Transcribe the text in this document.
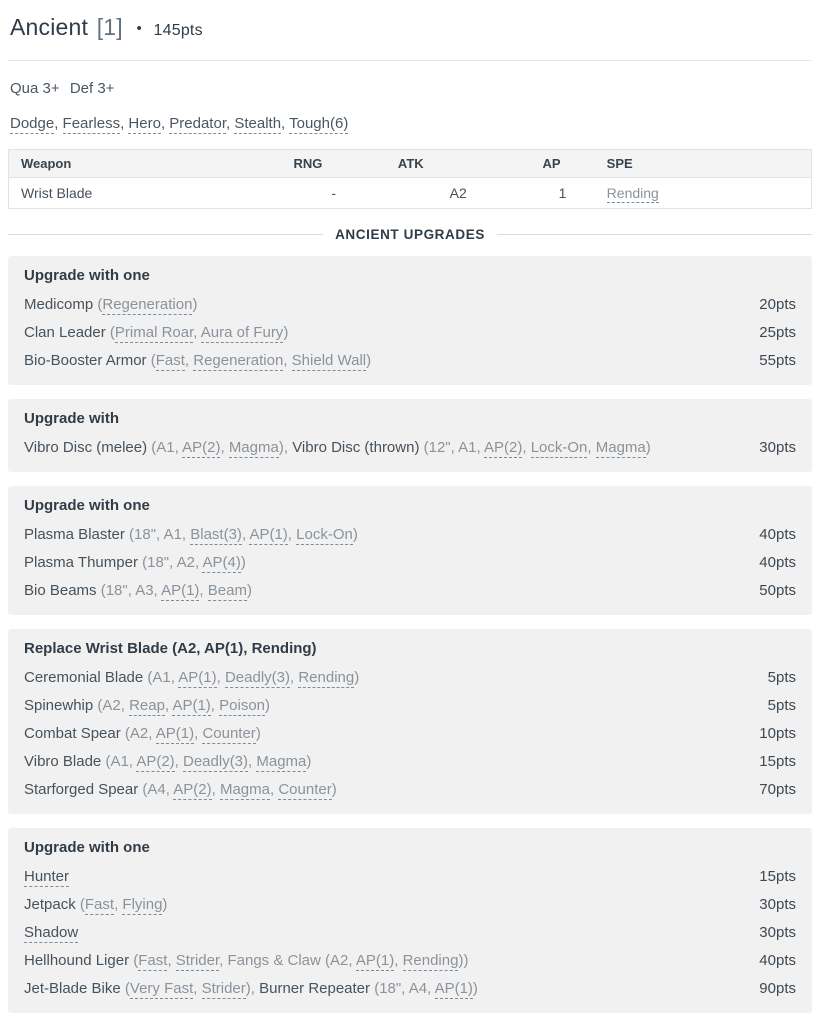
Ancient [1] • 145pts
Qua 3+ Def 3+
Dodge, Fearless, Hero, Predator, Stealth, Tough(6)
Weapon	RNG	ATK	AP	SPE
Wrist Blade	-	A2	1	Rending
ANCIENT UPGRADES
Upgrade with one
Medicomp (Regeneration)	20pts
Clan Leader (Primal Roar, Aura of Fury)	25pts
Bio-Booster Armor (Fast, Regeneration, Shield Wall)	55pts
Upgrade with
Vibro Disc (melee) (A1, AP(2), Magma), Vibro Disc (thrown) (12", A1, AP(2), Lock-On, Magma)	30pts
Upgrade with one
Plasma Blaster (18", A1, Blast(3), AP(1), Lock-On)	40pts
Plasma Thumper (18", A2, AP(4))	40pts
Bio Beams (18", A3, AP(1), Beam)	50pts
Replace Wrist Blade (A2, AP(1), Rending)
Ceremonial Blade (A1, AP(1), Deadly(3), Rending)	5pts
Spinewhip (A2, Reap, AP(1), Poison)	5pts
Combat Spear (A2, AP(1), Counter)	10pts
Vibro Blade (A1, AP(2), Deadly(3), Magma)	15pts
Starforged Spear (A4, AP(2), Magma, Counter)	70pts
Upgrade with one
Hunter	15pts
Jetpack (Fast, Flying)	30pts
Shadow	30pts
Hellhound Liger (Fast, Strider, Fangs & Claw (A2, AP(1), Rending))	40pts
Jet-Blade Bike (Very Fast, Strider), Burner Repeater (18", A4, AP(1))	90pts
